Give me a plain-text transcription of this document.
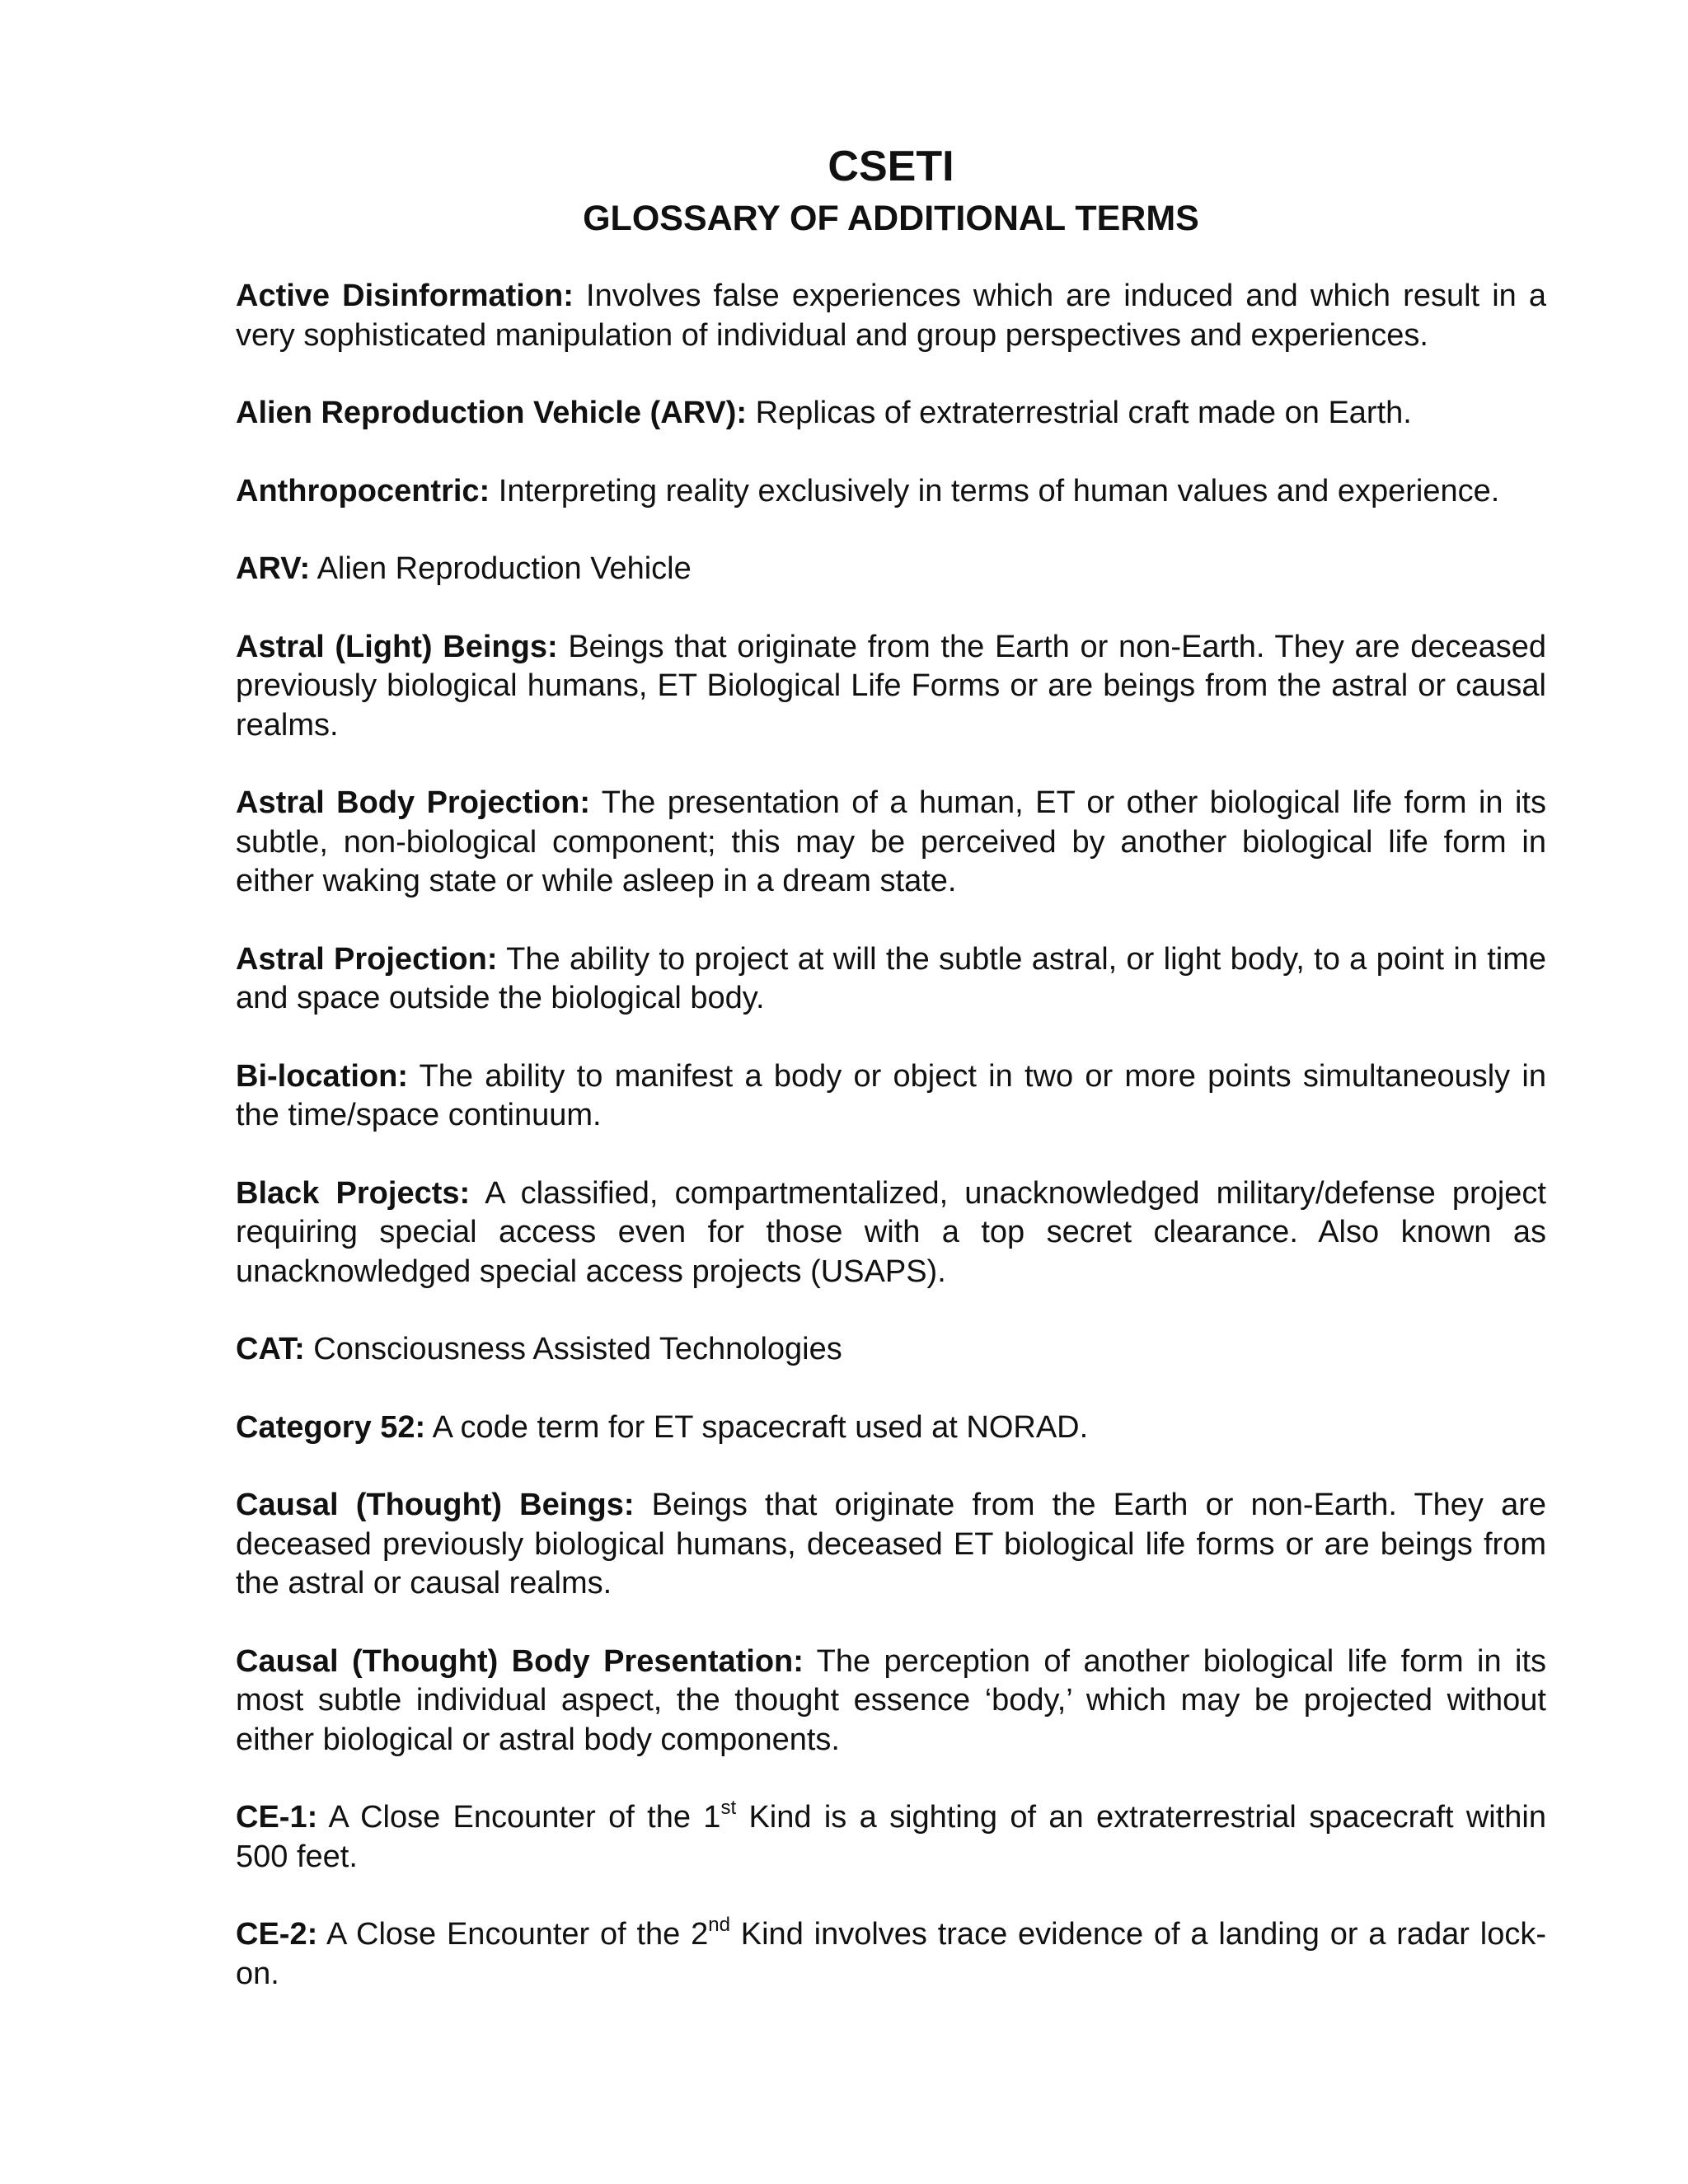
CSETI
GLOSSARY OF ADDITIONAL TERMS

Active Disinformation: Involves false experiences which are induced and which result in a very sophisticated manipulation of individual and group perspectives and experiences.

Alien Reproduction Vehicle (ARV): Replicas of extraterrestrial craft made on Earth.

Anthropocentric: Interpreting reality exclusively in terms of human values and experience.

ARV: Alien Reproduction Vehicle

Astral (Light) Beings: Beings that originate from the Earth or non-Earth. They are deceased previously biological humans, ET Biological Life Forms or are beings from the astral or causal realms.

Astral Body Projection: The presentation of a human, ET or other biological life form in its subtle, non-biological component; this may be perceived by another biological life form in either waking state or while asleep in a dream state.

Astral Projection: The ability to project at will the subtle astral, or light body, to a point in time and space outside the biological body.

Bi-location: The ability to manifest a body or object in two or more points simultaneously in the time/space continuum.

Black Projects: A classified, compartmentalized, unacknowledged military/defense project requiring special access even for those with a top secret clearance. Also known as unacknowledged special access projects (USAPS).

CAT: Consciousness Assisted Technologies

Category 52: A code term for ET spacecraft used at NORAD.

Causal (Thought) Beings: Beings that originate from the Earth or non-Earth. They are deceased previously biological humans, deceased ET biological life forms or are beings from the astral or causal realms.

Causal (Thought) Body Presentation: The perception of another biological life form in its most subtle individual aspect, the thought essence ‘body,’ which may be projected without either biological or astral body components.

CE-1: A Close Encounter of the 1st Kind is a sighting of an extraterrestrial spacecraft within 500 feet.

CE-2: A Close Encounter of the 2nd Kind involves trace evidence of a landing or a radar lock-on.
